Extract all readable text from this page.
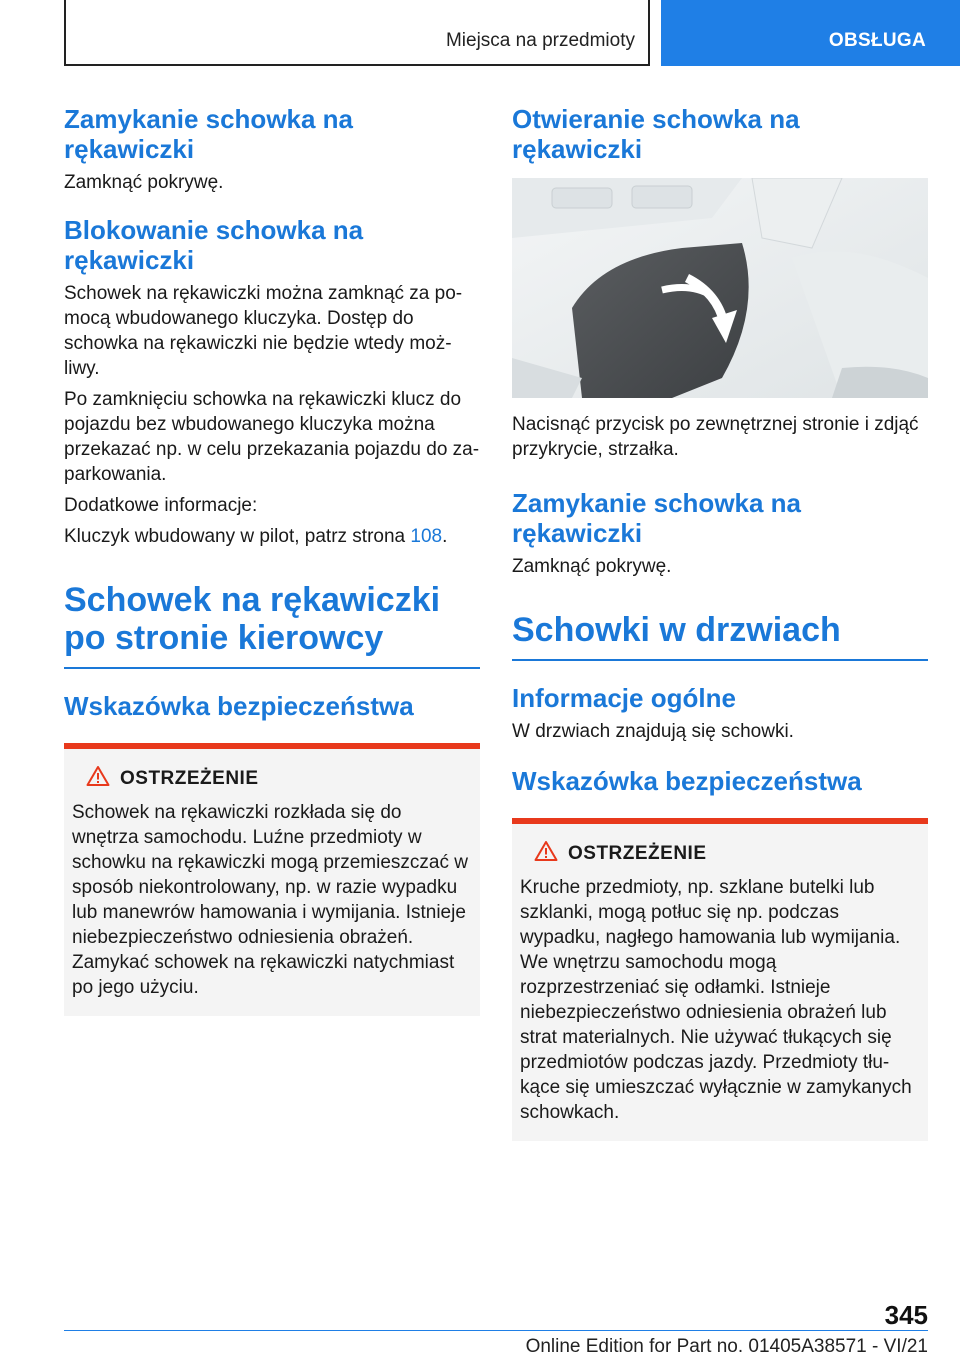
Miejsca na przedmioty	OBSŁUGA
Zamykanie schowka na rękawiczki
Zamknąć pokrywę.
Blokowanie schowka na rękawiczki
Schowek na rękawiczki można zamknąć za pomocą wbudowanego kluczyka. Dostęp do schowka na rękawiczki nie będzie wtedy możliwy.
Po zamknięciu schowka na rękawiczki klucz do pojazdu bez wbudowanego kluczyka można przekazać np. w celu przekazania pojazdu do zaparkowania.
Dodatkowe informacje:
Kluczyk wbudowany w pilot, patrz strona 108.
Schowek na rękawiczki po stronie kierowcy
Wskazówka bezpieczeństwa
OSTRZEŻENIE
Schowek na rękawiczki rozkłada się do wnętrza samochodu. Luźne przedmioty w schowku na rękawiczki mogą przemieszczać w sposób niekontrolowany, np. w razie wypadku lub manewrów hamowania i wymijania. Istnieje niebezpieczeństwo odniesienia obrażeń. Zamykać schowek na rękawiczki natychmiast po jego użyciu.
Otwieranie schowka na rękawiczki
Nacisnąć przycisk po zewnętrznej stronie i zdjąć przykrycie, strzałka.
Zamykanie schowka na rękawiczki
Zamknąć pokrywę.
Schowki w drzwiach
Informacje ogólne
W drzwiach znajdują się schowki.
Wskazówka bezpieczeństwa
OSTRZEŻENIE
Kruche przedmioty, np. szklane butelki lub szklanki, mogą potłuc się np. podczas wypadku, nagłego hamowania lub wymijania. We wnętrzu samochodu mogą rozprzestrzeniać się odłamki. Istnieje niebezpieczeństwo odniesienia obrażeń lub strat materialnych. Nie używać tłukących się przedmiotów podczas jazdy. Przedmioty tłukące się umieszczać wyłącznie w zamykanych schowkach.
345
Online Edition for Part no. 01405A38571 - VI/21
